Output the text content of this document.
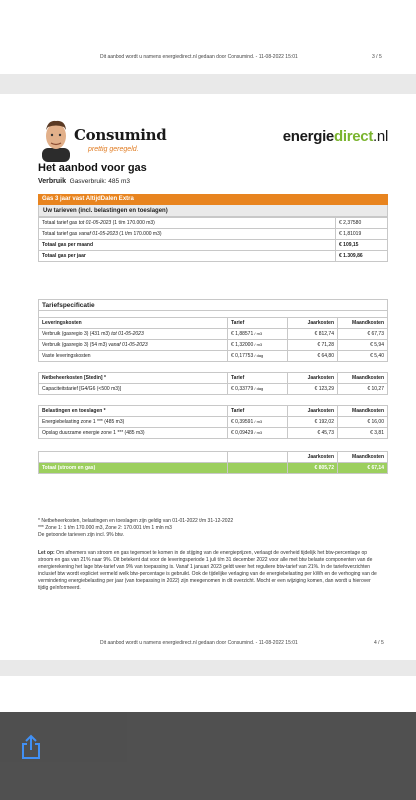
Dit aanbod wordt u namens energiedirect.nl gedaan door Consumind. - 11-08-2022 15:01	3 / 5
Consumind
prettig geregeld.
energiedirect.nl
Het aanbod voor gas
Verbruik Gasverbruik: 485 m3
Gas 3 jaar vast AltijdDalen Extra
Uw tarieven (incl. belastingen en toeslagen)
Totaal tarief gas tot 01-05-2023 (1 t/m 170.000 m3)	€ 2,37580
Totaal tarief gas vanaf 01-05-2023 (1 t/m 170.000 m3)	€ 1,81019
Totaal gas per maand	€ 109,15
Totaal gas per jaar	€ 1.309,86
Tariefspecificatie
Leveringskosten	Tarief	Jaarkosten	Maandkosten
Verbruik (gasregio 3) (431 m3) tot 01-05-2023	€ 1,88571 / m3	€ 812,74	€ 67,73
Verbruik (gasregio 3) (54 m3) vanaf 01-05-2023	€ 1,32000 / m3	€ 71,28	€ 5,94
Vaste leveringskosten	€ 0,17753 / dag	€ 64,80	€ 5,40
Netbeheerkosten [Stedin] *	Tarief	Jaarkosten	Maandkosten
Capaciteitstarief [G4/G6 (<500 m3)]	€ 0,33779 / dag	€ 123,29	€ 10,27
Belastingen en toeslagen *	Tarief	Jaarkosten	Maandkosten
Energiebelasting zone 1 *** (485 m3)	€ 0,39591 / m3	€ 192,02	€ 16,00
Opslag duurzame energie zone 1 *** (485 m3)	€ 0,09429 / m3	€ 45,73	€ 3,81
		Jaarkosten	Maandkosten
Totaal (stroom en gas)		€ 805,72	€ 67,14
* Netbeheerkosten, belastingen en toeslagen zijn geldig van 01-01-2022 t/m 31-12-2022
*** Zone 1: 1 t/m 170.000 m3, Zone 2: 170.001 t/m 1 mln m3
De getoonde tarieven zijn incl. 9% btw.
Let op: Om afnemers van stroom en gas tegemoet te komen in de stijging van de energieprijzen, verlaagt de overheid tijdelijk het btw-percentage op stroom en gas van 21% naar 9%. Dit betekent dat voor de leveringsperiode 1 juli t/m 31 december 2022 voor alle met btw belaste componenten van de energierekening het lage btw-tarief van 9% van toepassing is. Vanaf 1 januari 2023 geldt weer het reguliere btw-tarief van 21%. In de tariefoverzichten inclusief btw wordt expliciet vermeld welk btw-percentage is gebruikt. Ook de tijdelijke verlaging van de energiebelasting per kWh en de verhoging van de vermindering energiebelasting per jaar (van toepassing in 2022) zijn meegenomen in dit overzicht. Mocht er een wijziging komen, dan wordt u hierover tijdig geïnformeerd.
Dit aanbod wordt u namens energiedirect.nl gedaan door Consumind. - 11-08-2022 15:01	4 / 5
